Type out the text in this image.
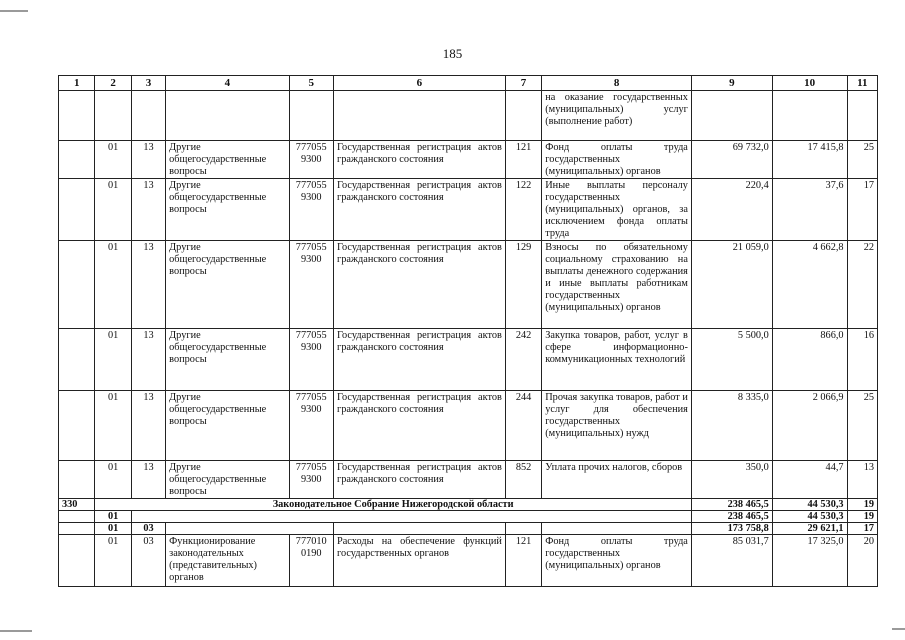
185
1	2	3	4	5	6	7	8	9	10	11
							на оказание государственных (муниципальных) услуг (выполнение работ)			
	01	13	Другие общегосударственные вопросы	777055 9300	Государственная регистрация актов гражданского состояния	121	Фонд оплаты труда государственных (муниципальных) органов	69 732,0	17 415,8	25
	01	13	Другие общегосударственные вопросы	777055 9300	Государственная регистрация актов гражданского состояния	122	Иные выплаты персоналу государственных (муниципальных) органов, за исключением фонда оплаты труда	220,4	37,6	17
	01	13	Другие общегосударственные вопросы	777055 9300	Государственная регистрация актов гражданского состояния	129	Взносы по обязательному социальному страхованию на выплаты денежного содержания и иные выплаты работникам государственных (муниципальных) органов	21 059,0	4 662,8	22
	01	13	Другие общегосударственные вопросы	777055 9300	Государственная регистрация актов гражданского состояния	242	Закупка товаров, работ, услуг в сфере информационно-коммуникационных технологий	5 500,0	866,0	16
	01	13	Другие общегосударственные вопросы	777055 9300	Государственная регистрация актов гражданского состояния	244	Прочая закупка товаров, работ и услуг для обеспечения государственных (муниципальных) нужд	8 335,0	2 066,9	25
	01	13	Другие общегосударственные вопросы	777055 9300	Государственная регистрация актов гражданского состояния	852	Уплата прочих налогов, сборов	350,0	44,7	13
330	Законодательное Собрание Нижегородской области							238 465,5	44 530,3	19
	01							238 465,5	44 530,3	19
	01	03						173 758,8	29 621,1	17
	01	03	Функционирование законодательных (представительных) органов	777010 0190	Расходы на обеспечение функций государственных органов	121	Фонд оплаты труда государственных (муниципальных) органов	85 031,7	17 325,0	20
